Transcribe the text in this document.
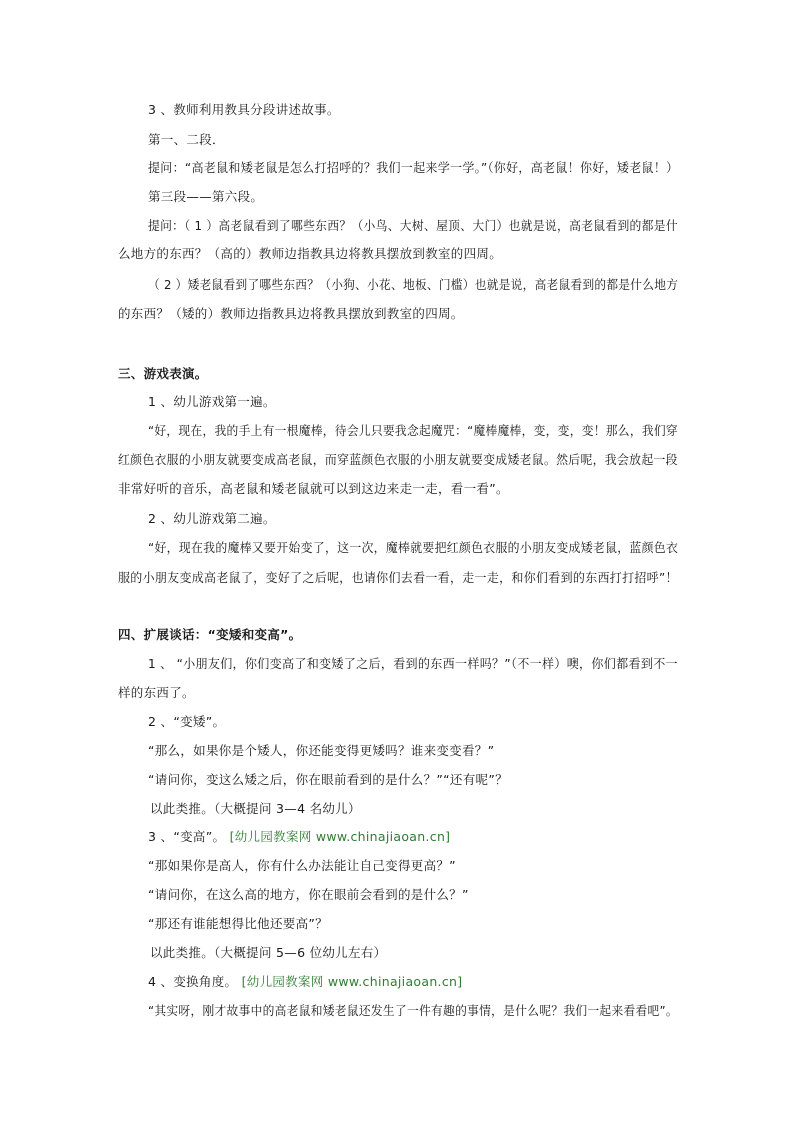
3 、教师利用教具分段讲述故事。
第一、二段．
提问：“高老鼠和矮老鼠是怎么打招呼的？我们一起来学一学。”（你好，高老鼠！你好，矮老鼠！）
第三段——第六段。
提问：（ 1 ）高老鼠看到了哪些东西？（小鸟、大树、屋顶、大门）也就是说，高老鼠看到的都是什
么地方的东西？（高的）教师边指教具边将教具摆放到教室的四周。
（ 2 ）矮老鼠看到了哪些东西？（小狗、小花、地板、门槛）也就是说，高老鼠看到的都是什么地方
的东西？（矮的）教师边指教具边将教具摆放到教室的四周。
三、游戏表演。
1 、幼儿游戏第一遍。
“好，现在，我的手上有一根魔棒，待会儿只要我念起魔咒：“魔棒魔棒，变，变，变！那么，我们穿
红颜色衣服的小朋友就要变成高老鼠，而穿蓝颜色衣服的小朋友就要变成矮老鼠。然后呢，我会放起一段
非常好听的音乐，高老鼠和矮老鼠就可以到这边来走一走，看一看”。
2 、幼儿游戏第二遍。
“好，现在我的魔棒又要开始变了，这一次，魔棒就要把红颜色衣服的小朋友变成矮老鼠，蓝颜色衣
服的小朋友变成高老鼠了，变好了之后呢，也请你们去看一看，走一走，和你们看到的东西打打招呼”！
四、扩展谈话：“变矮和变高”。
1 、 “小朋友们，你们变高了和变矮了之后，看到的东西一样吗？”（不一样）噢，你们都看到不一
样的东西了。
2 、“变矮”。
“那么，如果你是个矮人，你还能变得更矮吗？谁来变变看？”
“请问你，变这么矮之后，你在眼前看到的是什么？”“还有呢”？
以此类推。（大概提问 3—4 名幼儿）
3 、“变高”。 [幼儿园教案网 www.chinajiaoan.cn]
“那如果你是高人，你有什么办法能让自己变得更高？”
“请问你，在这么高的地方，你在眼前会看到的是什么？”
“那还有谁能想得比他还要高”？
以此类推。（大概提问 5—6 位幼儿左右）
4 、变换角度。 [幼儿园教案网 www.chinajiaoan.cn]
“其实呀，刚才故事中的高老鼠和矮老鼠还发生了一件有趣的事情，是什么呢？我们一起来看看吧”。
